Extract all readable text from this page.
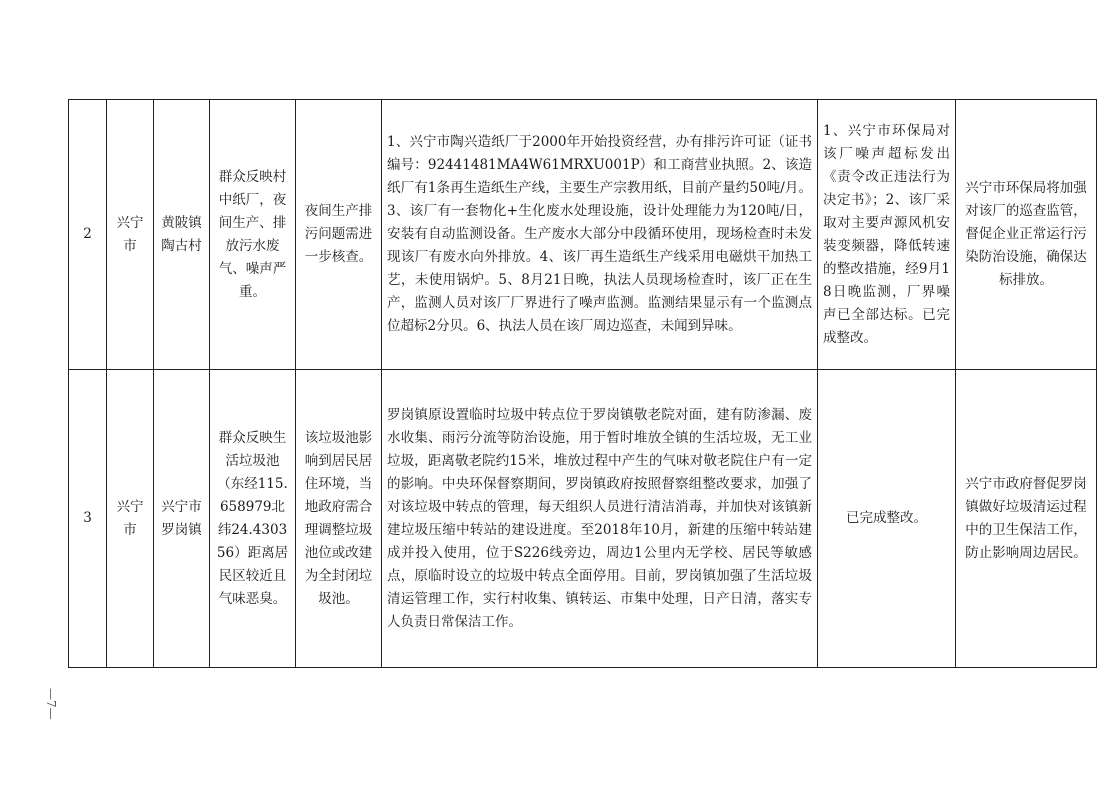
2	兴宁市	黄陂镇陶古村	群众反映村中纸厂，夜间生产、排放污水废气、噪声严重。	夜间生产排污问题需进一步核查。	1、兴宁市陶兴造纸厂于2000年开始投资经营，办有排污许可证（证书编号：92441481MA4W61MRXU001P）和工商营业执照。2、该造纸厂有1条再生造纸生产线，主要生产宗教用纸，目前产量约50吨/月。3、该厂有一套物化+生化废水处理设施，设计处理能力为120吨/日，安装有自动监测设备。生产废水大部分中段循环使用，现场检查时未发现该厂有废水向外排放。4、该厂再生造纸生产线采用电磁烘干加热工艺，未使用锅炉。5、8月21日晚，执法人员现场检查时，该厂正在生产，监测人员对该厂厂界进行了噪声监测。监测结果显示有一个监测点位超标2分贝。6、执法人员在该厂周边巡查，未闻到异味。	1、兴宁市环保局对该厂噪声超标发出《责令改正违法行为决定书》；2、该厂采取对主要声源风机安装变频器，降低转速的整改措施，经9月18日晚监测，厂界噪声已全部达标。已完成整改。	兴宁市环保局将加强对该厂的巡查监管，督促企业正常运行污染防治设施，确保达标排放。
3	兴宁市	兴宁市罗岗镇	群众反映生活垃圾池（东经115.658979北纬24.430356）距离居民区较近且气味恶臭。	该垃圾池影响到居民居住环境，当地政府需合理调整垃圾池位或改建为全封闭垃圾池。	罗岗镇原设置临时垃圾中转点位于罗岗镇敬老院对面，建有防渗漏、废水收集、雨污分流等防治设施，用于暂时堆放全镇的生活垃圾，无工业垃圾，距离敬老院约15米，堆放过程中产生的气味对敬老院住户有一定的影响。中央环保督察期间，罗岗镇政府按照督察组整改要求，加强了对该垃圾中转点的管理，每天组织人员进行清洁消毒，并加快对该镇新建垃圾压缩中转站的建设进度。至2018年10月，新建的压缩中转站建成并投入使用，位于S226线旁边，周边1公里内无学校、居民等敏感点，原临时设立的垃圾中转点全面停用。目前，罗岗镇加强了生活垃圾清运管理工作，实行村收集、镇转运、市集中处理，日产日清，落实专人负责日常保洁工作。	已完成整改。	兴宁市政府督促罗岗镇做好垃圾清运过程中的卫生保洁工作，防止影响周边居民。
—7—
